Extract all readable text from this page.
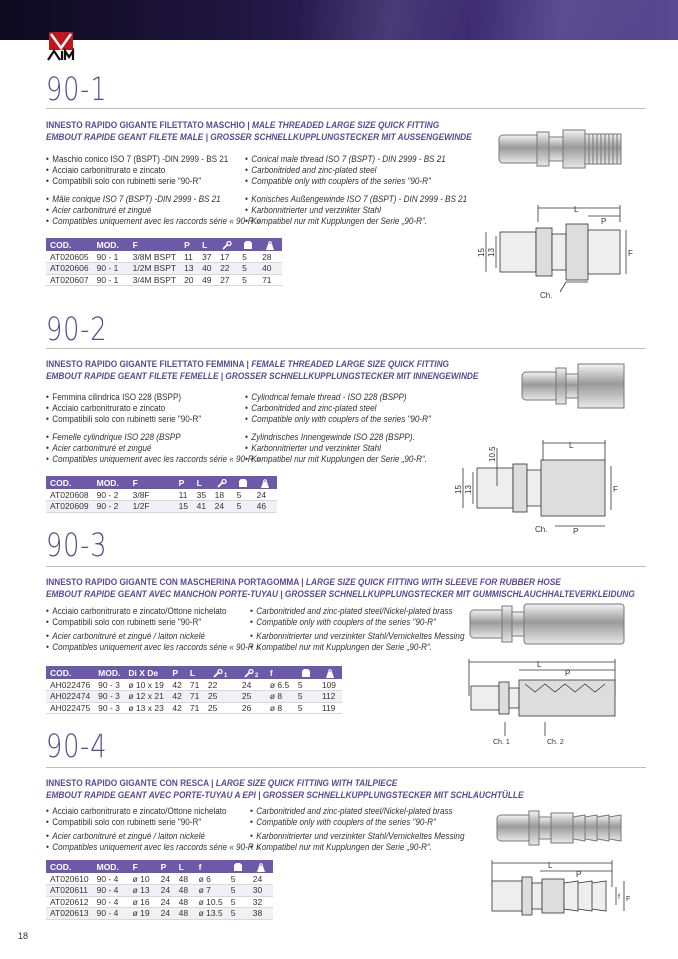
90-1
INNESTO RAPIDO GIGANTE FILETTATO MASCHIO | MALE THREADED LARGE SIZE QUICK FITTING
EMBOUT RAPIDE GEANT FILETE MALE | GROSSER SCHNELLKUPPLUNGSTECKER MIT AUSSENGEWINDE
• Maschio conico ISO 7 (BSPT) -DIN 2999 - BS 21
• Acciaio carbonitrurato e zincato
• Compatibili solo con rubinetti serie "90-R"
• Mâle conique ISO 7 (BSPT) -DIN 2999 - BS 21
• Acier carbonitruré et zingué
• Compatibles uniquement avec les raccords série « 90-R »
• Conical male thread ISO 7 (BSPT) - DIN 2999 - BS 21
• Carbonitrided and zinc-plated steel
• Compatible only with couplers of the series "90-R"
• Konisches Außengewinde ISO 7 (BSPT) - DIN 2999 - BS 21
• Karbonnitrierter und verzinkter Stahl
• Kompatibel nur mit Kupplungen der Serie „90-R“.
COD.	MOD.	F	P	L			
AT020605	90 - 1	3/8M BSPT	11	37	17	5	28
AT020606	90 - 1	1/2M BSPT	13	40	22	5	40
AT020607	90 - 1	3/4M BSPT	20	49	27	5	71
L
P
F
15 13
Ch.
90-2
INNESTO RAPIDO GIGANTE FILETTATO FEMMINA | FEMALE THREADED LARGE SIZE QUICK FITTING
EMBOUT RAPIDE GEANT FILETE FEMELLE | GROSSER SCHNELLKUPPLUNGSTECKER MIT INNENGEWINDE
• Femmina cilindrica ISO 228 (BSPP)
• Acciaio carbonitrurato e zincato
• Compatibili solo con rubinetti serie "90-R"
• Femelle cylindrique ISO 228 (BSPP
• Acier carbonitruré et zingué
• Compatibles uniquement avec les raccords série « 90-R »
• Cylindrical female thread - ISO 228 (BSPP)
• Carbonitrided and zinc-plated steel
• Compatible only with couplers of the series "90-R"
• Zylindrisches Innengewinde ISO 228 (BSPP).
• Karbonnitrierter und verzinkter Stahl
• Kompatibel nur mit Kupplungen der Serie „90-R“.
COD.	MOD.	F	P	L			
AT020608	90 - 2	3/8F	11	35	18	5	24
AT020609	90 - 2	1/2F	15	41	24	5	46
L
10.5
15 13	F
Ch.	P
90-3
INNESTO RAPIDO GIGANTE CON MASCHERINA PORTAGOMMA | LARGE SIZE QUICK FITTING WITH SLEEVE FOR RUBBER HOSE
EMBOUT RAPIDE GEANT AVEC MANCHON PORTE-TUYAU | GROSSER SCHNELLKUPPLUNGSTECKER MIT GUMMISCHLAUCHHALTEVERKLEIDUNG
• Acciaio carbonitrurato e zincato/Ottone nichelato
• Compatibili solo con rubinetti serie "90-R"
• Acier carbonitruré et zingué / laiton nickelé
• Compatibles uniquement avec les raccords série « 90-R »
• Carbonitrided and zinc-plated steel/Nickel-plated brass
• Compatible only with couplers of the series "90-R"
• Karbonnitrierter und verzinkter Stahl/Vernickeltes Messing
• Kompatibel nur mit Kupplungen der Serie „90-R“.
COD.	MOD.	Di X De	P	L	1	2	f		
AH022476	90 - 3	ø 10 x 19	42	71	22	24	ø 6.5	5	109
AH022474	90 - 3	ø 12 x 21	42	71	25	25	ø 8	5	112
AH022475	90 - 3	ø 13 x 23	42	71	25	26	ø 8	5	119
L
P
Ch. 1	Ch. 2
90-4
INNESTO RAPIDO GIGANTE CON RESCA | LARGE SIZE QUICK FITTING WITH TAILPIECE
EMBOUT RAPIDE GEANT AVEC PORTE-TUYAU A EPI | GROSSER SCHNELLKUPPLUNGSTECKER MIT SCHLAUCHTÜLLE
• Acciaio carbonitrurato e zincato/Ottone nichelato
• Compatibili solo con rubinetti serie "90-R"
• Acier carbonitruré et zingué / laiton nickelé
• Compatibles uniquement avec les raccords série « 90-R »
• Carbonitrided and zinc-plated steel/Nickel-plated brass
• Compatible only with couplers of the series "90-R"
• Karbonnitrierter und verzinkter Stahl/Vernickeltes Messing
• Kompatibel nur mit Kupplungen der Serie „90-R“.
COD.	MOD.	F	P	L	f		
AT020610	90 - 4	ø 10	24	48	ø 6	5	24
AT020611	90 - 4	ø 13	24	48	ø 7	5	30
AT020612	90 - 4	ø 16	24	48	ø 10.5	5	32
AT020613	90 - 4	ø 19	24	48	ø 13.5	5	38
L
P
f F
18
